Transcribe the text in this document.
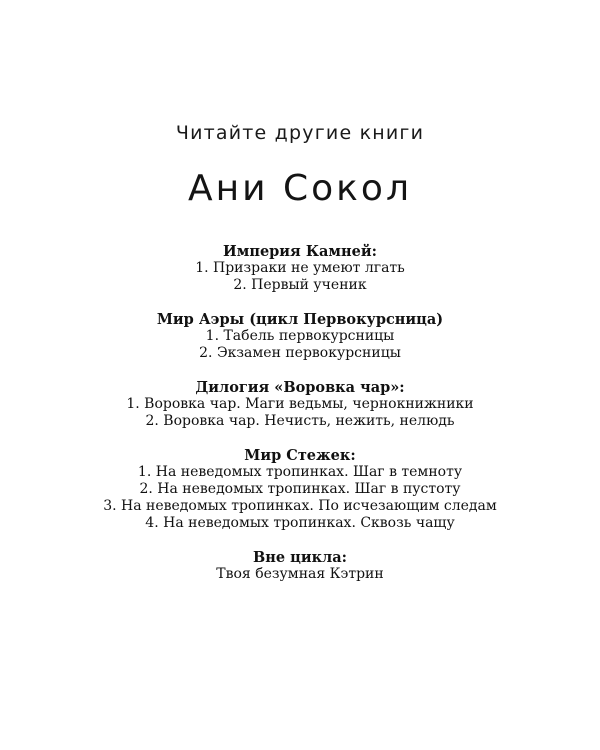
Читайте другие книги
Ани Сокол
Империя Камней:
1. Призраки не умеют лгать
2. Первый ученик
Мир Аэры (цикл Первокурсница)
1. Табель первокурсницы
2. Экзамен первокурсницы
Дилогия «Воровка чар»:
1. Воровка чар. Маги ведьмы, чернокнижники
2. Воровка чар. Нечисть, нежить, нелюдь
Мир Стежек:
1. На неведомых тропинках. Шаг в темноту
2. На неведомых тропинках. Шаг в пустоту
3. На неведомых тропинках. По исчезающим следам
4. На неведомых тропинках. Сквозь чащу
Вне цикла:
Твоя безумная Кэтрин
